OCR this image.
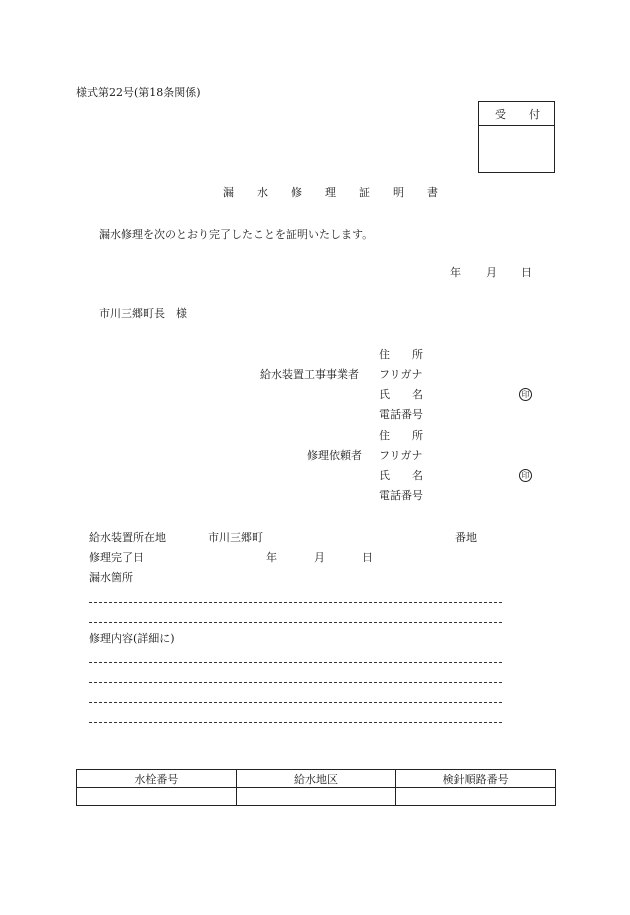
様式第22号(第18条関係)
受 付
漏 水 修 理 証 明 書
漏水修理を次のとおり完了したことを証明いたします。
年 月 日
市川三郷町長　様
住　　所
給水装置工事事業者 フリガナ
氏　　名	印
電話番号
住　　所
修理依頼者 フリガナ
氏　　名	印
電話番号
給水装置所在地	市川三郷町	番地
修理完了日	年	月	日
漏水箇所
修理内容(詳細に)
水栓番号	給水地区	検針順路番号
